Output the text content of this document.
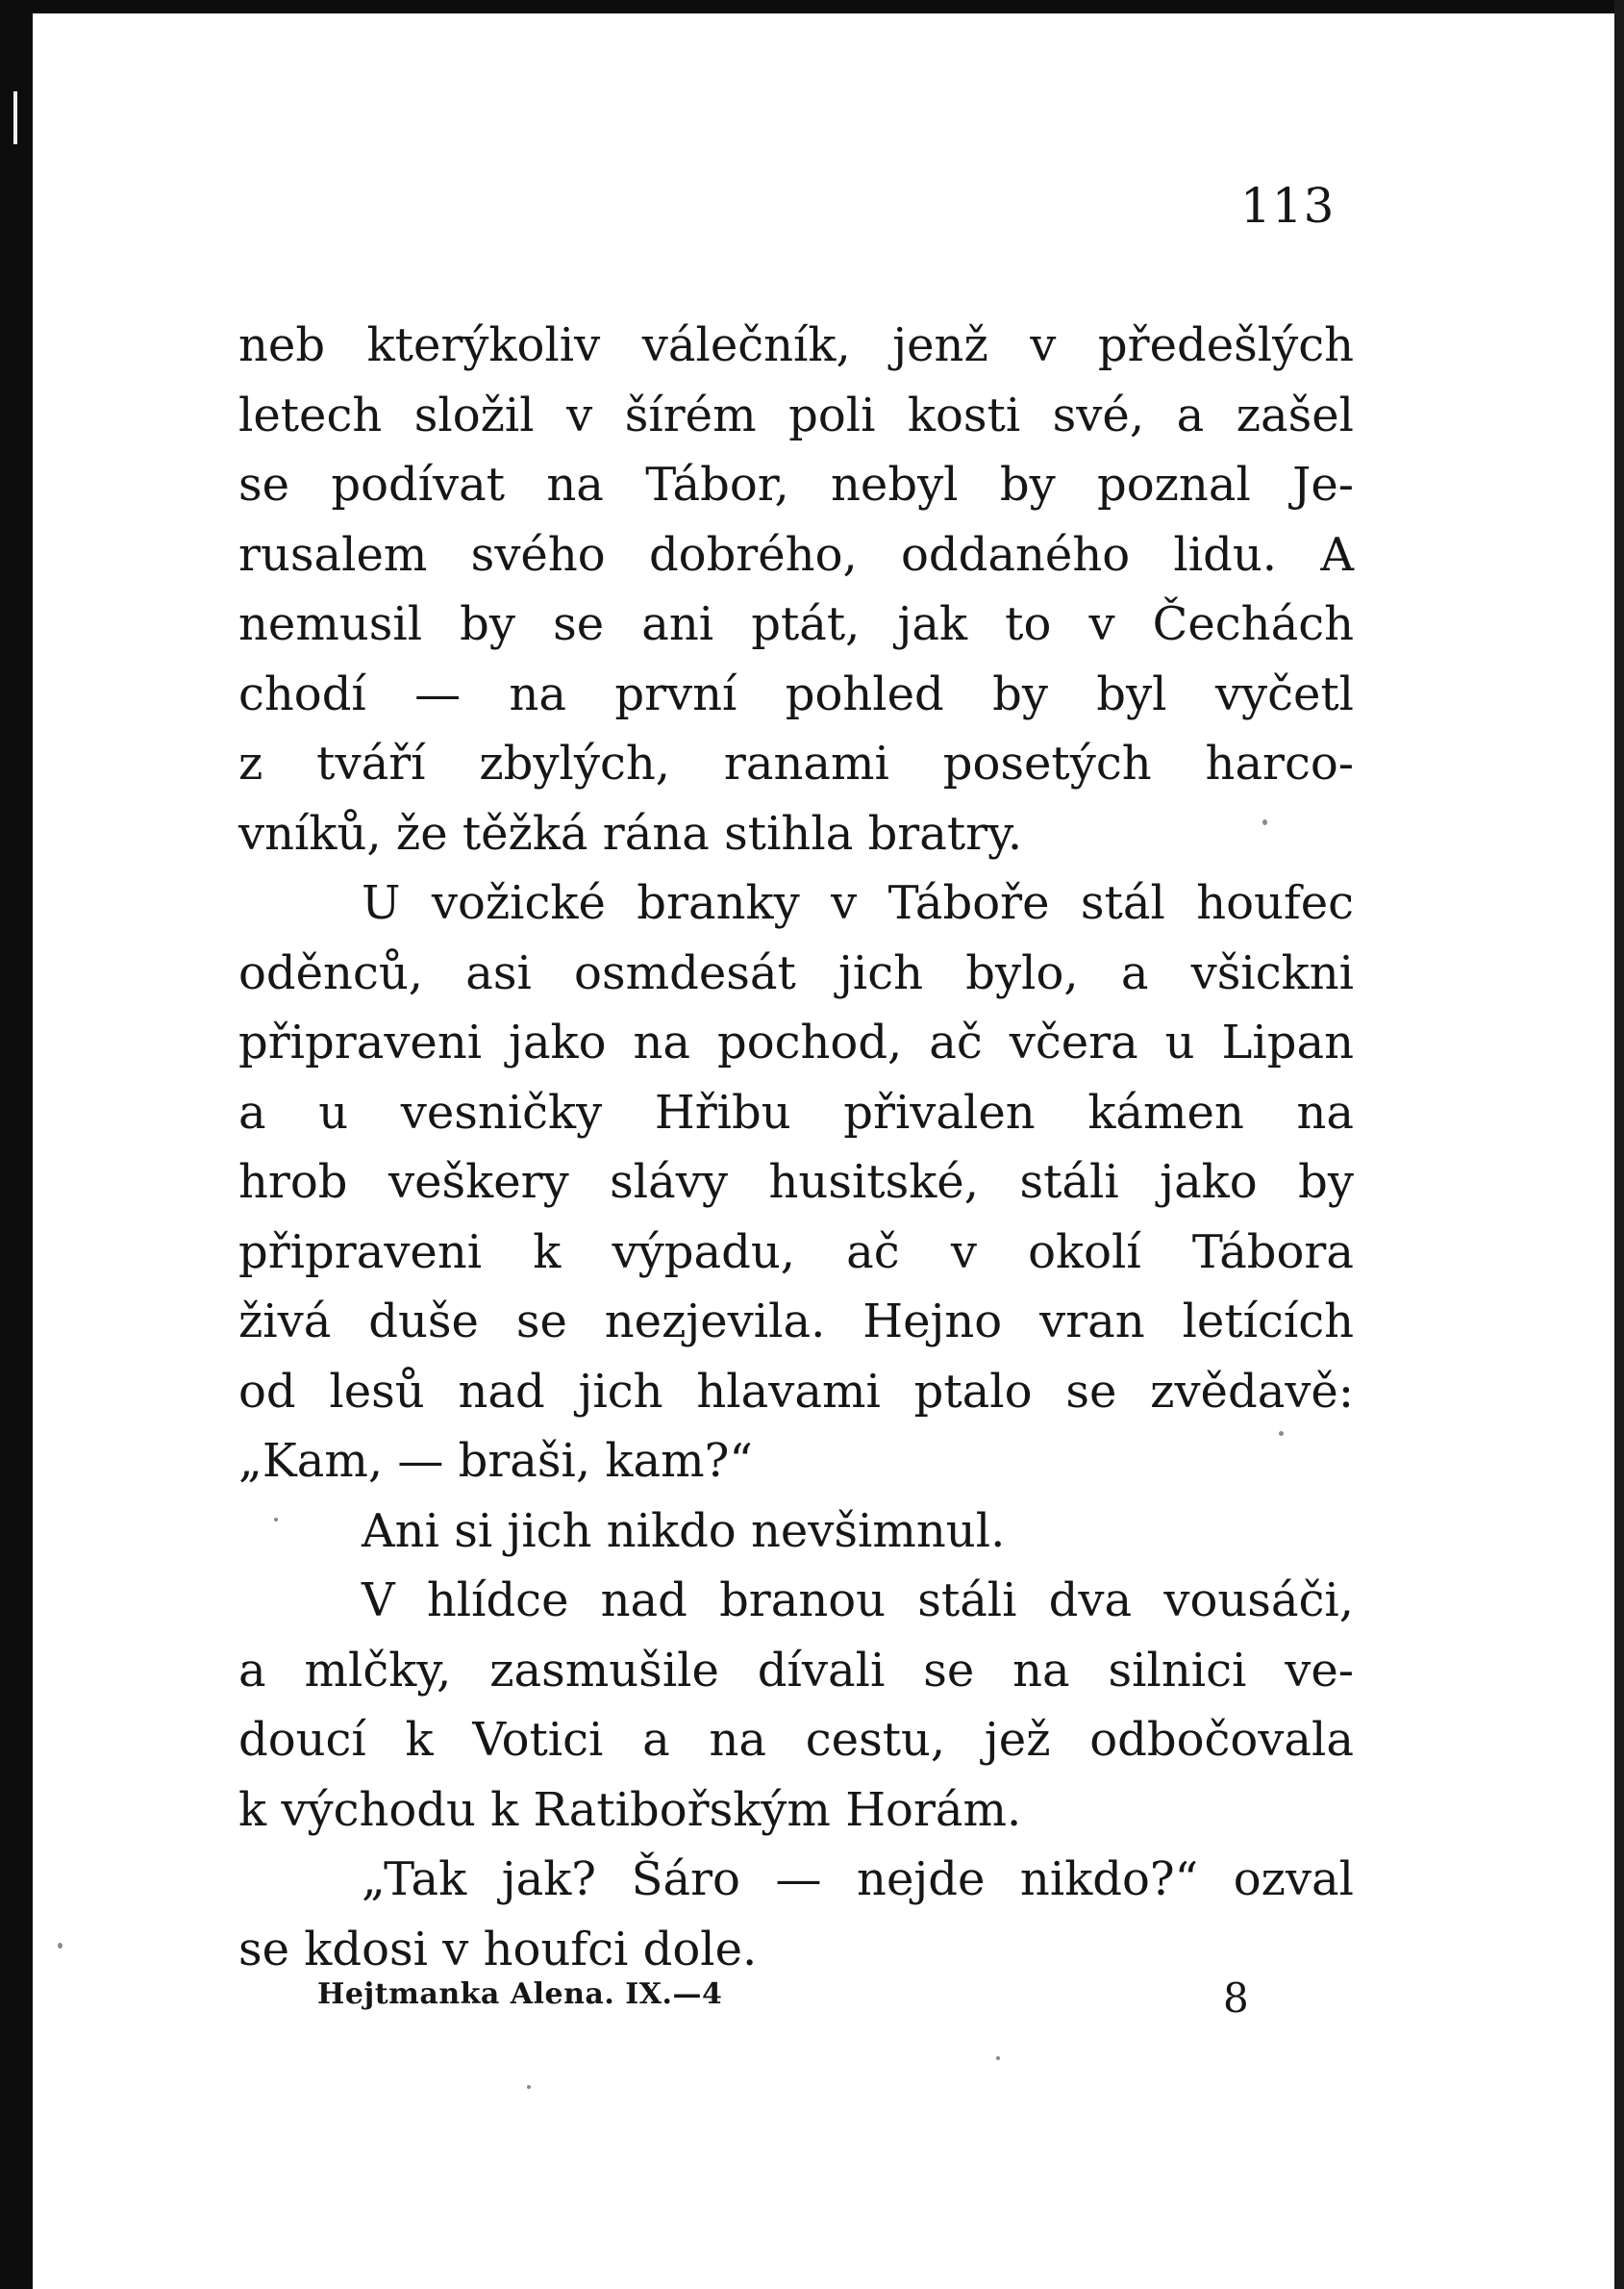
113
neb kterýkoliv válečník, jenž v předešlých
letech složil v šírém poli kosti své, a zašel
se podívat na Tábor, nebyl by poznal Je-
rusalem svého dobrého, oddaného lidu. A
nemusil by se ani ptát, jak to v Čechách
chodí — na první pohled by byl vyčetl
z tváří zbylých, ranami posetých harco-
vníků, že těžká rána stihla bratry.
U vožické branky v Táboře stál houfec
oděnců, asi osmdesát jich bylo, a všickni
připraveni jako na pochod, ač včera u Lipan
a u vesničky Hřibu přivalen kámen na
hrob veškery slávy husitské, stáli jako by
připraveni k výpadu, ač v okolí Tábora
živá duše se nezjevila. Hejno vran letících
od lesů nad jich hlavami ptalo se zvědavě:
„Kam, — braši, kam?“
Ani si jich nikdo nevšimnul.
V hlídce nad branou stáli dva vousáči,
a mlčky, zasmušile dívali se na silnici ve-
doucí k Votici a na cestu, jež odbočovala
k východu k Ratibořským Horám.
„Tak jak? Šáro — nejde nikdo?“ ozval
se kdosi v houfci dole.
Hejtmanka Alena. IX.—4	8
